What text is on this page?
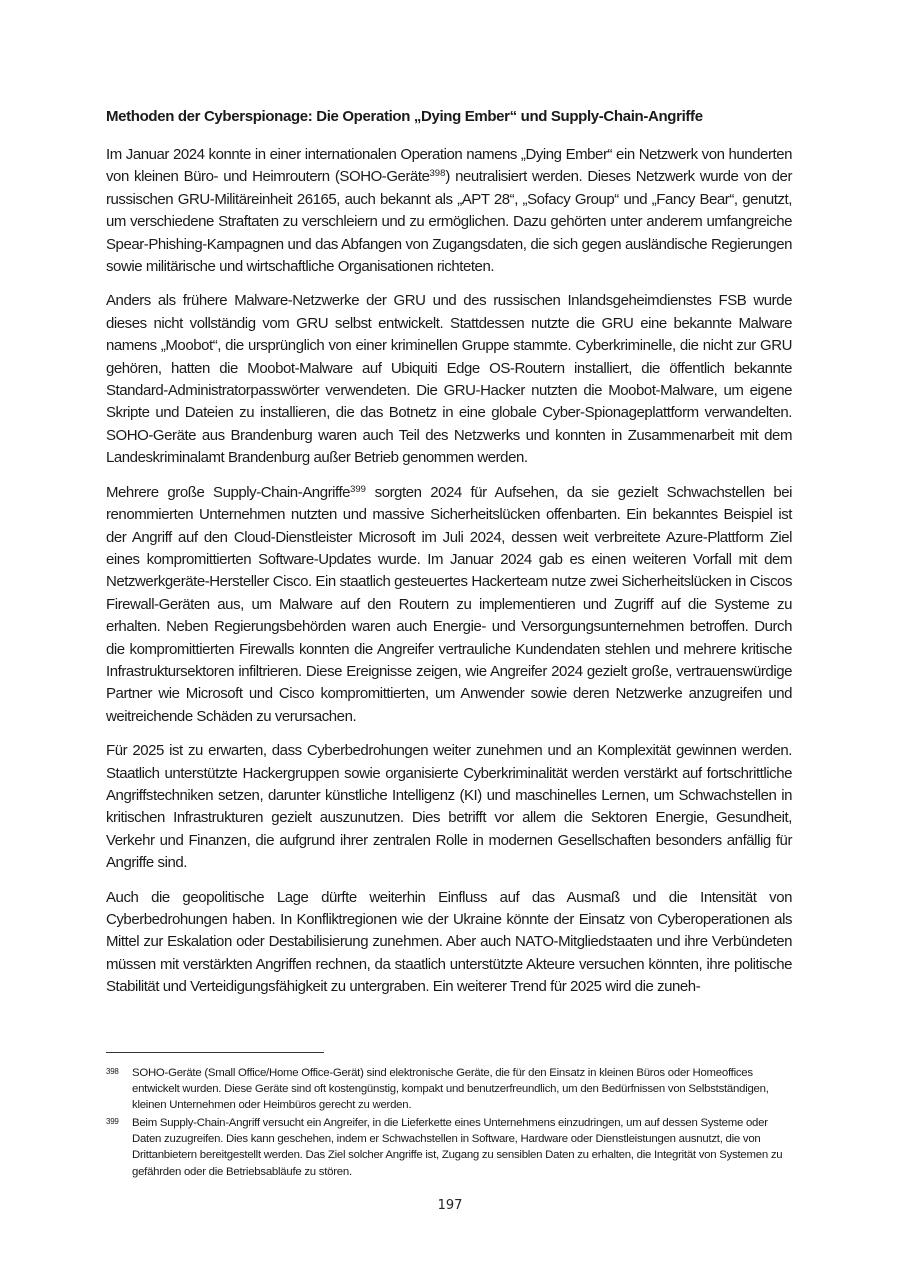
Methoden der Cyberspionage: Die Operation „Dying Ember“ und Supply-Chain-Angriffe

Im Januar 2024 konnte in einer internationalen Operation namens „Dying Ember“ ein Netzwerk von hunderten von kleinen Büro- und Heimroutern (SOHO-Geräte$^{398}$) neutralisiert werden. Dieses Netzwerk wurde von der russischen GRU-Militäreinheit 26165, auch bekannt als „APT 28“, „Sofacy Group“ und „Fancy Bear“, genutzt, um verschiedene Straftaten zu verschleiern und zu ermöglichen. Dazu gehörten unter anderem umfangreiche Spear-Phishing-Kampagnen und das Abfangen von Zugangsdaten, die sich gegen ausländische Regierungen sowie militärische und wirtschaftliche Organisationen richteten.

Anders als frühere Malware-Netzwerke der GRU und des russischen Inlandsgeheimdienstes FSB wurde dieses nicht vollständig vom GRU selbst entwickelt. Stattdessen nutzte die GRU eine bekannte Malware namens „Moobot“, die ursprünglich von einer kriminellen Gruppe stammte. Cyberkriminelle, die nicht zur GRU gehören, hatten die Moobot-Malware auf Ubiquiti Edge OS-Routern installiert, die öffentlich bekannte Standard-Administratorpasswörter verwendeten. Die GRU-Hacker nutzten die Moobot-Malware, um eigene Skripte und Dateien zu installieren, die das Botnetz in eine globale Cyber-Spionageplattform verwandelten. SOHO-Geräte aus Brandenburg waren auch Teil des Netzwerks und konnten in Zusammenarbeit mit dem Landeskriminalamt Brandenburg außer Betrieb genommen werden.

Mehrere große Supply-Chain-Angriffe$^{399}$ sorgten 2024 für Aufsehen, da sie gezielt Schwachstellen bei renommierten Unternehmen nutzten und massive Sicherheitslücken offenbarten. Ein bekanntes Beispiel ist der Angriff auf den Cloud-Dienstleister Microsoft im Juli 2024, dessen weit verbreitete Azure-Plattform Ziel eines kompromittierten Software-Updates wurde. Im Januar 2024 gab es einen weiteren Vorfall mit dem Netzwerkgeräte-Hersteller Cisco. Ein staatlich gesteuertes Hackerteam nutze zwei Sicherheitslücken in Ciscos Firewall-Geräten aus, um Malware auf den Routern zu implementieren und Zugriff auf die Systeme zu erhalten. Neben Regierungsbehörden waren auch Energie- und Versorgungsunternehmen betroffen. Durch die kompromittierten Firewalls konnten die Angreifer vertrauliche Kundendaten stehlen und mehrere kritische Infrastruktursektoren infiltrieren. Diese Ereignisse zeigen, wie Angreifer 2024 gezielt große, vertrauenswürdige Partner wie Microsoft und Cisco kompromittierten, um Anwender sowie deren Netzwerke anzugreifen und weitreichende Schäden zu verursachen.

Für 2025 ist zu erwarten, dass Cyberbedrohungen weiter zunehmen und an Komplexität gewinnen werden. Staatlich unterstützte Hackergruppen sowie organisierte Cyberkriminalität werden verstärkt auf fortschrittliche Angriffstechniken setzen, darunter künstliche Intelligenz (KI) und maschinelles Lernen, um Schwachstellen in kritischen Infrastrukturen gezielt auszunutzen. Dies betrifft vor allem die Sektoren Energie, Gesundheit, Verkehr und Finanzen, die aufgrund ihrer zentralen Rolle in modernen Gesellschaften besonders anfällig für Angriffe sind.

Auch die geopolitische Lage dürfte weiterhin Einfluss auf das Ausmaß und die Intensität von Cyberbedrohungen haben. In Konfliktregionen wie der Ukraine könnte der Einsatz von Cyberoperationen als Mittel zur Eskalation oder Destabilisierung zunehmen. Aber auch NATO-Mitgliedstaaten und ihre Verbündeten müssen mit verstärkten Angriffen rechnen, da staatlich unterstützte Akteure versuchen könnten, ihre politische Stabilität und Verteidigungsfähigkeit zu untergraben. Ein weiterer Trend für 2025 wird die zuneh-

398	SOHO-Geräte (Small Office/Home Office-Gerät) sind elektronische Geräte, die für den Einsatz in kleinen Büros oder Homeoffices entwickelt wurden. Diese Geräte sind oft kostengünstig, kompakt und benutzerfreundlich, um den Bedürfnissen von Selbstständigen, kleinen Unternehmen oder Heimbüros gerecht zu werden.
399	Beim Supply-Chain-Angriff versucht ein Angreifer, in die Lieferkette eines Unternehmens einzudringen, um auf dessen Systeme oder Daten zuzugreifen. Dies kann geschehen, indem er Schwachstellen in Software, Hardware oder Dienstleistungen ausnutzt, die von Drittanbietern bereitgestellt werden. Das Ziel solcher Angriffe ist, Zugang zu sensiblen Daten zu erhalten, die Integrität von Systemen zu gefährden oder die Betriebsabläufe zu stören.
197
